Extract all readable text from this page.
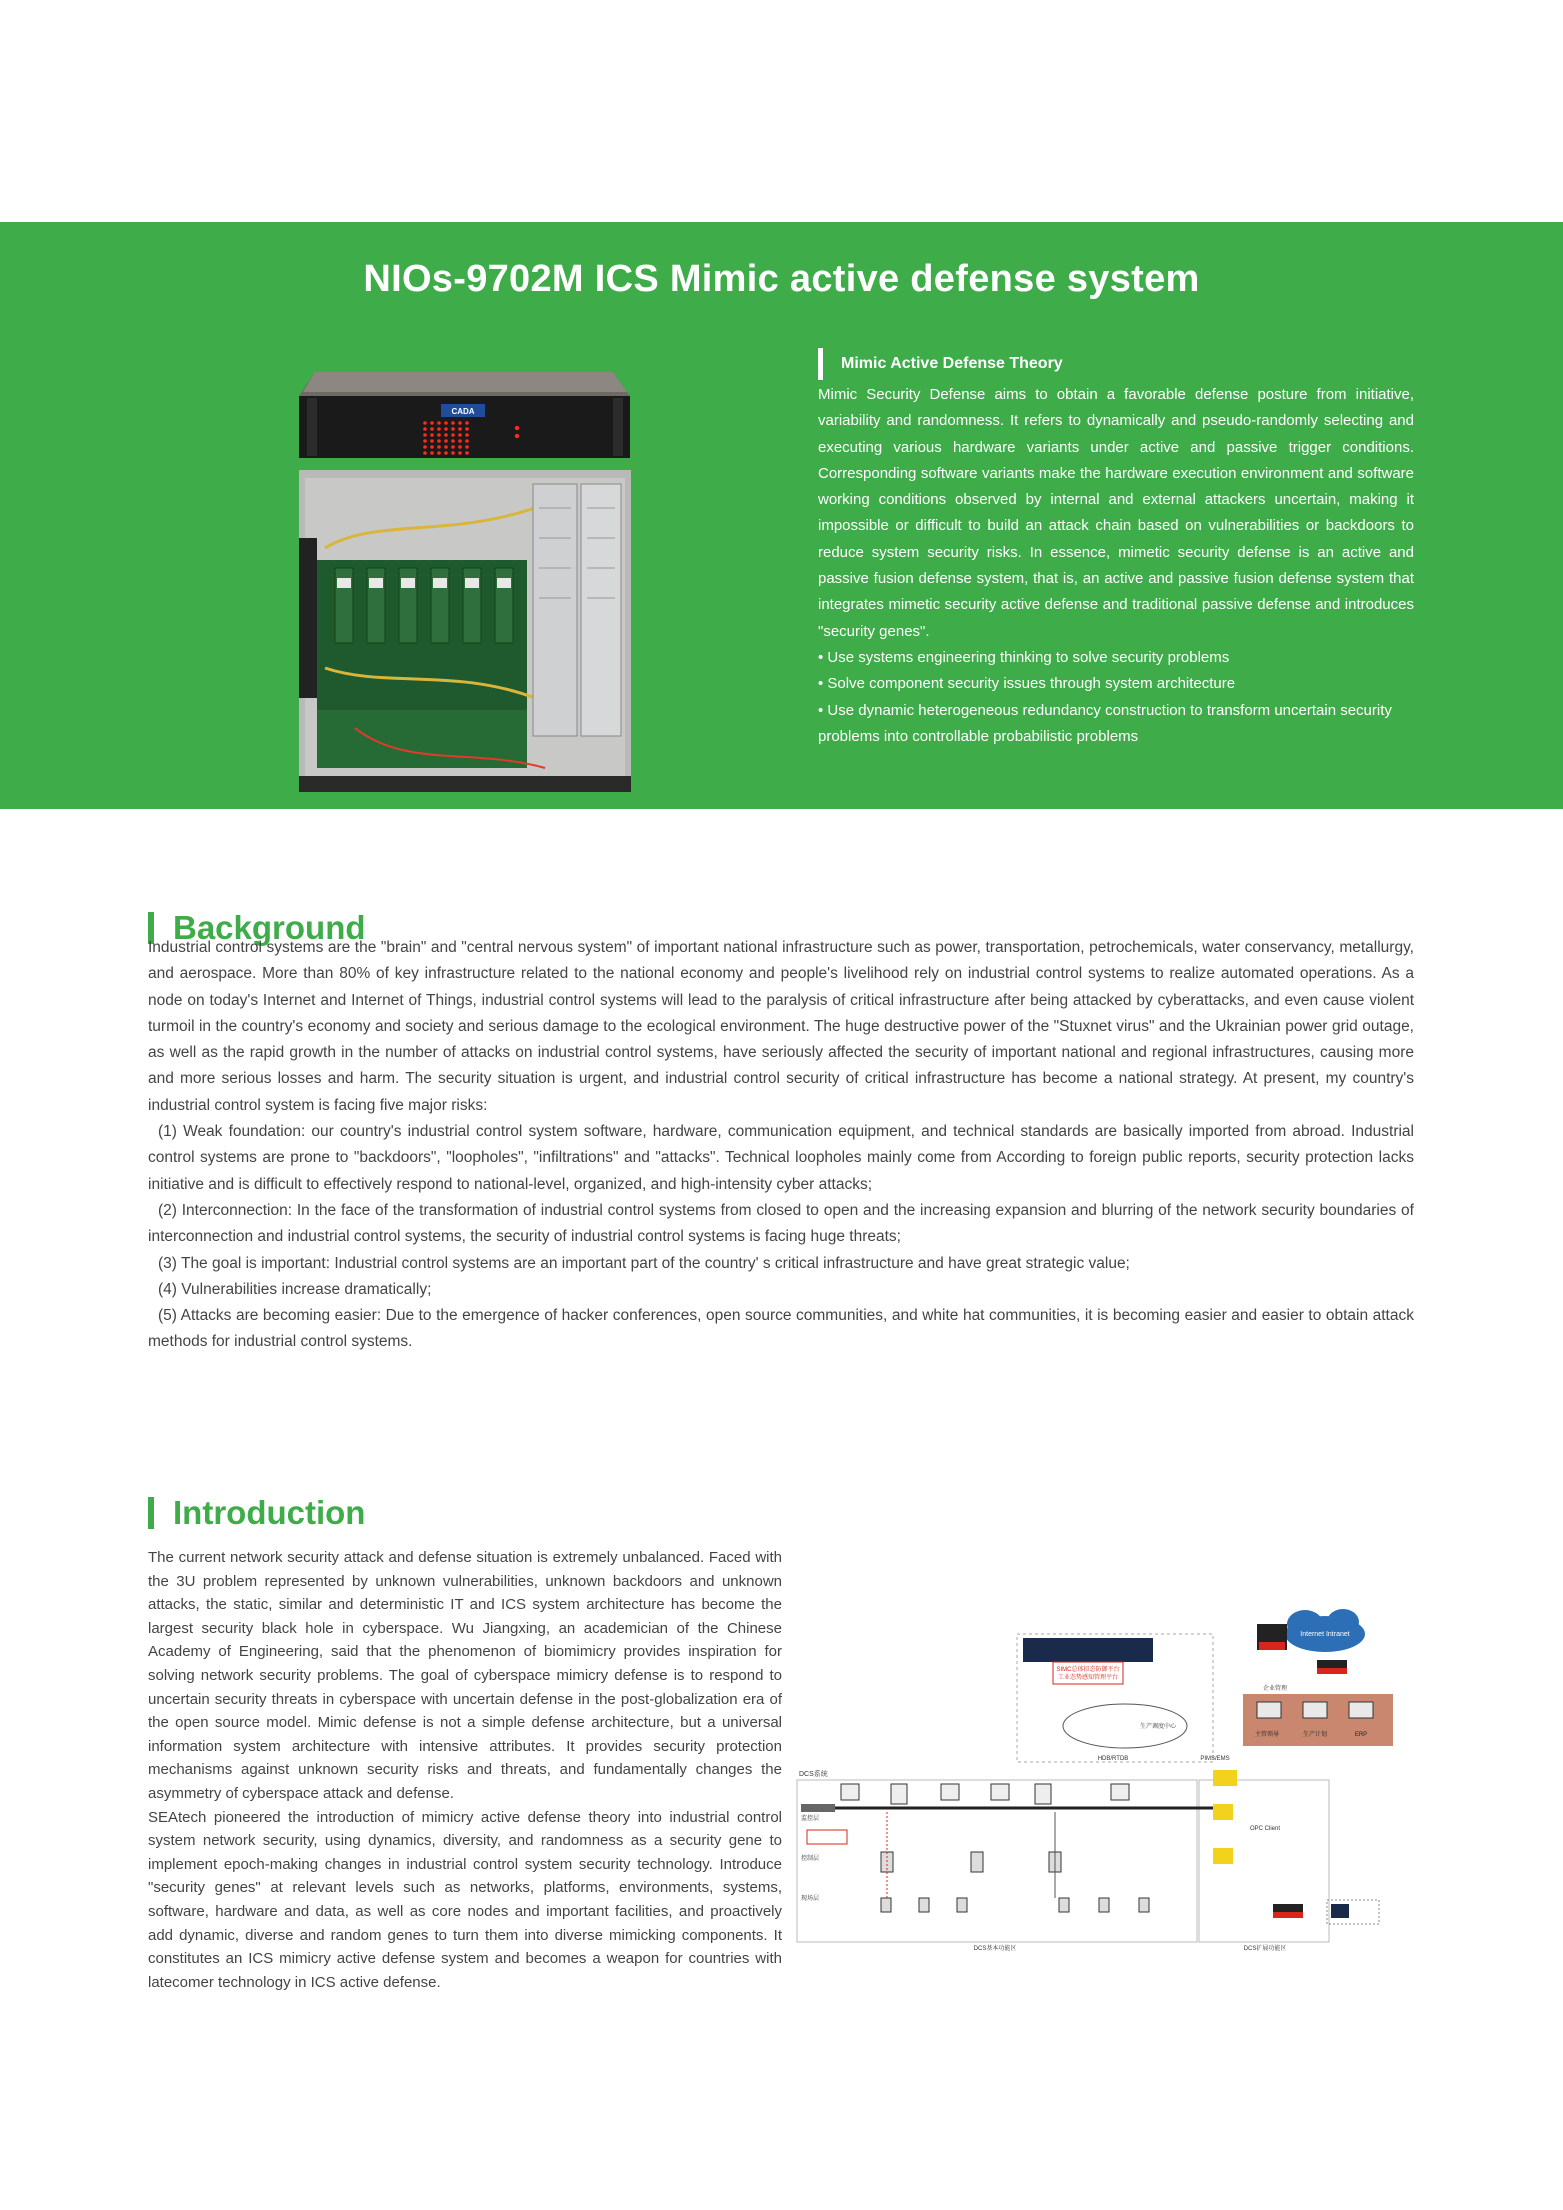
NIOs-9702M ICS Mimic active defense system
CADA
Mimic Active Defense Theory
Mimic Security Defense aims to obtain a favorable defense posture from initiative, variability and randomness. It refers to dynamically and pseudo-randomly selecting and executing various hardware variants under active and passive trigger conditions. Corresponding software variants make the hardware execution environment and software working conditions observed by internal and external attackers uncertain, making it impossible or difficult to build an attack chain based on vulnerabilities or backdoors to reduce system security risks. In essence, mimetic security defense is an active and passive fusion defense system, that is, an active and passive fusion defense system that integrates mimetic security active defense and traditional passive defense and introduces "security genes".
• Use systems engineering thinking to solve security problems
• Solve component security issues through system architecture
• Use dynamic heterogeneous redundancy construction to transform uncertain security problems into controllable probabilistic problems
Background

Industrial control systems are the "brain" and "central nervous system" of important national infrastructure such as power, transportation, petrochemicals, water conservancy, metallurgy, and aerospace. More than 80% of key infrastructure related to the national economy and people's livelihood rely on industrial control systems to realize automated operations. As a node on today's Internet and Internet of Things, industrial control systems will lead to the paralysis of critical infrastructure after being attacked by cyberattacks, and even cause violent turmoil in the country's economy and society and serious damage to the ecological environment. The huge destructive power of the "Stuxnet virus" and the Ukrainian power grid outage, as well as the rapid growth in the number of attacks on industrial control systems, have seriously affected the security of important national and regional infrastructures, causing more and more serious losses and harm. The security situation is urgent, and industrial control security of critical infrastructure has become a national strategy. At present, my country's industrial control system is facing five major risks:

(1) Weak foundation: our country's industrial control system software, hardware, communication equipment, and technical standards are basically imported from abroad. Industrial control systems are prone to "backdoors", "loopholes", "infiltrations" and "attacks". Technical loopholes mainly come from According to foreign public reports, security protection lacks initiative and is difficult to effectively respond to national-level, organized, and high-intensity cyber attacks;

(2) Interconnection: In the face of the transformation of industrial control systems from closed to open and the increasing expansion and blurring of the network security boundaries of interconnection and industrial control systems, the security of industrial control systems is facing huge threats;

(3) The goal is important: Industrial control systems are an important part of the country' s critical infrastructure and have great strategic value;

(4) Vulnerabilities increase dramatically;

(5) Attacks are becoming easier: Due to the emergence of hacker conferences, open source communities, and white hat communities, it is becoming easier and easier to obtain attack methods for industrial control systems.

Introduction

The current network security attack and defense situation is extremely unbalanced. Faced with the 3U problem represented by unknown vulnerabilities, unknown backdoors and unknown attacks, the static, similar and deterministic IT and ICS system architecture has become the largest security black hole in cyberspace. Wu Jiangxing, an academician of the Chinese Academy of Engineering, said that the phenomenon of biomimicry provides inspiration for solving network security problems. The goal of cyberspace mimicry defense is to respond to uncertain security threats in cyberspace with uncertain defense in the post-globalization era of the open source model. Mimic defense is not a simple defense architecture, but a universal information system architecture with intensive attributes. It provides security protection mechanisms against unknown security risks and threats, and fundamentally changes the asymmetry of cyberspace attack and defense.

SEAtech pioneered the introduction of mimicry active defense theory into industrial control system network security, using dynamics, diversity, and randomness as a security gene to implement epoch-making changes in industrial control system security technology. Introduce "security genes" at relevant levels such as networks, platforms, environments, systems, software, hardware and data, as well as core nodes and important facilities, and proactively add dynamic, diverse and random genes to turn them into diverse mimicking components. It constitutes an ICS mimicry active defense system and becomes a weapon for countries with latecomer technology in ICS active defense.

SIMC总体拟态防御平台
工业态势感知管理平台
生产调度中心
HDB/RTDB	PIMS/EMS
Internet Intranet
企业管理
主管领导	生产计划	ERP
DCS系统
OPC Client
监控层
控制层
现场层
DCS基本功能区	DCS扩展功能区
